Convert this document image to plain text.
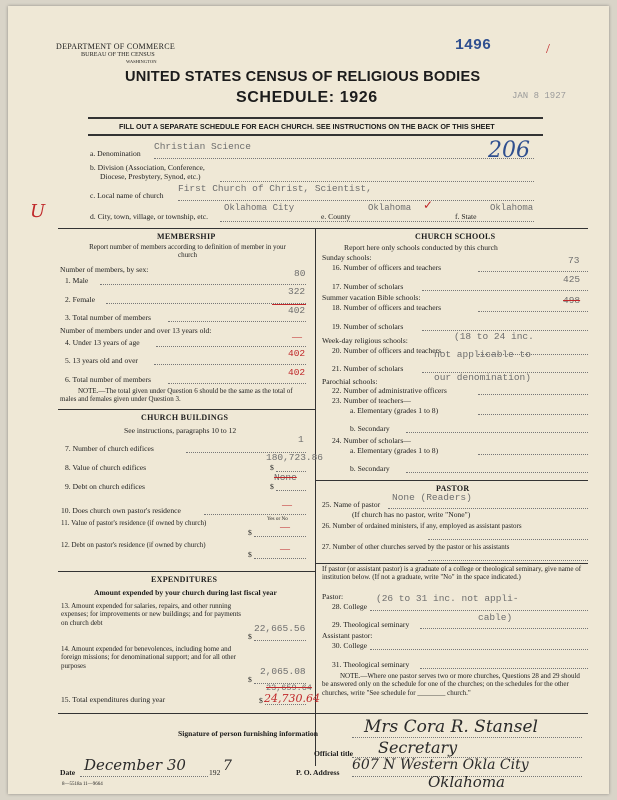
DEPARTMENT OF COMMERCE
BUREAU OF THE CENSUS
WASHINGTON
1496	/
UNITED STATES CENSUS OF RELIGIOUS BODIES
SCHEDULE: 1926	JAN 8 1927
FILL OUT A SEPARATE SCHEDULE FOR EACH CHURCH. SEE INSTRUCTIONS ON THE BACK OF THIS SHEET
a. Denomination
Christian Science	206
b. Division (Association, Conference,
Diocese, Presbytery, Synod, etc.)
c. Local name of church
First Church of Christ, Scientist,
U	d. City, town, village, or township, etc.
Oklahoma City
e. County
Oklahoma ✓
f. State
Oklahoma
MEMBERSHIP
Report number of members according to definition of member in your church
Number of members, by sex:
1. Male
80
2. Female
322
3. Total number of members
402
Number of members under and over 13 years old:
4. Under 13 years of age	—
5. 13 years old and over
402
6. Total number of members
402
NOTE.—The total given under Question 6 should be the same as the total of males and females given under Question 3.
CHURCH BUILDINGS
See instructions, paragraphs 10 to 12
7. Number of church edifices
1
8. Value of church edifices	$
180,723.86
9. Debt on church edifices	$
None
10. Does church own pastor's residence	—
Yes or No
11. Value of pastor's residence (if owned by church)
$	—
12. Debt on pastor's residence (if owned by church)
$	—
EXPENDITURES
Amount expended by your church during last fiscal year
13. Amount expended for salaries, repairs, and other running expenses; for improvements or new buildings; and for payments on church debt
$
22,665.56
14. Amount expended for benevolences, including home and foreign missions; for denominational support; and for all other purposes
$
2,065.08
15. Total expenditures during year	$
23,659.64
24,730.64
CHURCH SCHOOLS
Report here only schools conducted by this church
Sunday schools:
16. Number of officers and teachers
73
17. Number of scholars
425
Summer vacation Bible schools:
18. Number of officers and teachers
498
19. Number of scholars
Week-day religious schools:	(18 to 24 inc.
20. Number of officers and teachers
21. Number of scholars
not applicable to
Parochial schools:	our denomination)
22. Number of administrative officers
23. Number of teachers—
a. Elementary (grades 1 to 8)
b. Secondary
24. Number of scholars—
a. Elementary (grades 1 to 8)
b. Secondary
PASTOR
25. Name of pastor
None (Readers)
(If church has no pastor, write "None")
26. Number of ordained ministers, if any, employed as assistant pastors
27. Number of other churches served by the pastor or his assistants
If pastor (or assistant pastor) is a graduate of a college or theological seminary, give name of institution below. (If not a graduate, write "No" in the space indicated.)
Pastor:
28. College
(26 to 31 inc. not appli-
29. Theological seminary
cable)
Assistant pastor:
30. College
31. Theological seminary
NOTE.—Where one pastor serves two or more churches, Questions 28 and 29 should be answered only on the schedule for one of the churches; on the schedules for the other churches, write "See schedule for ________ church."
Signature of person furnishing information	Mrs Cora R. Stansel
Official title Secretary
Date December 30	192 7	P. O. Address 607 N Western Okla City
Oklahoma
8—5518a 11—9664
